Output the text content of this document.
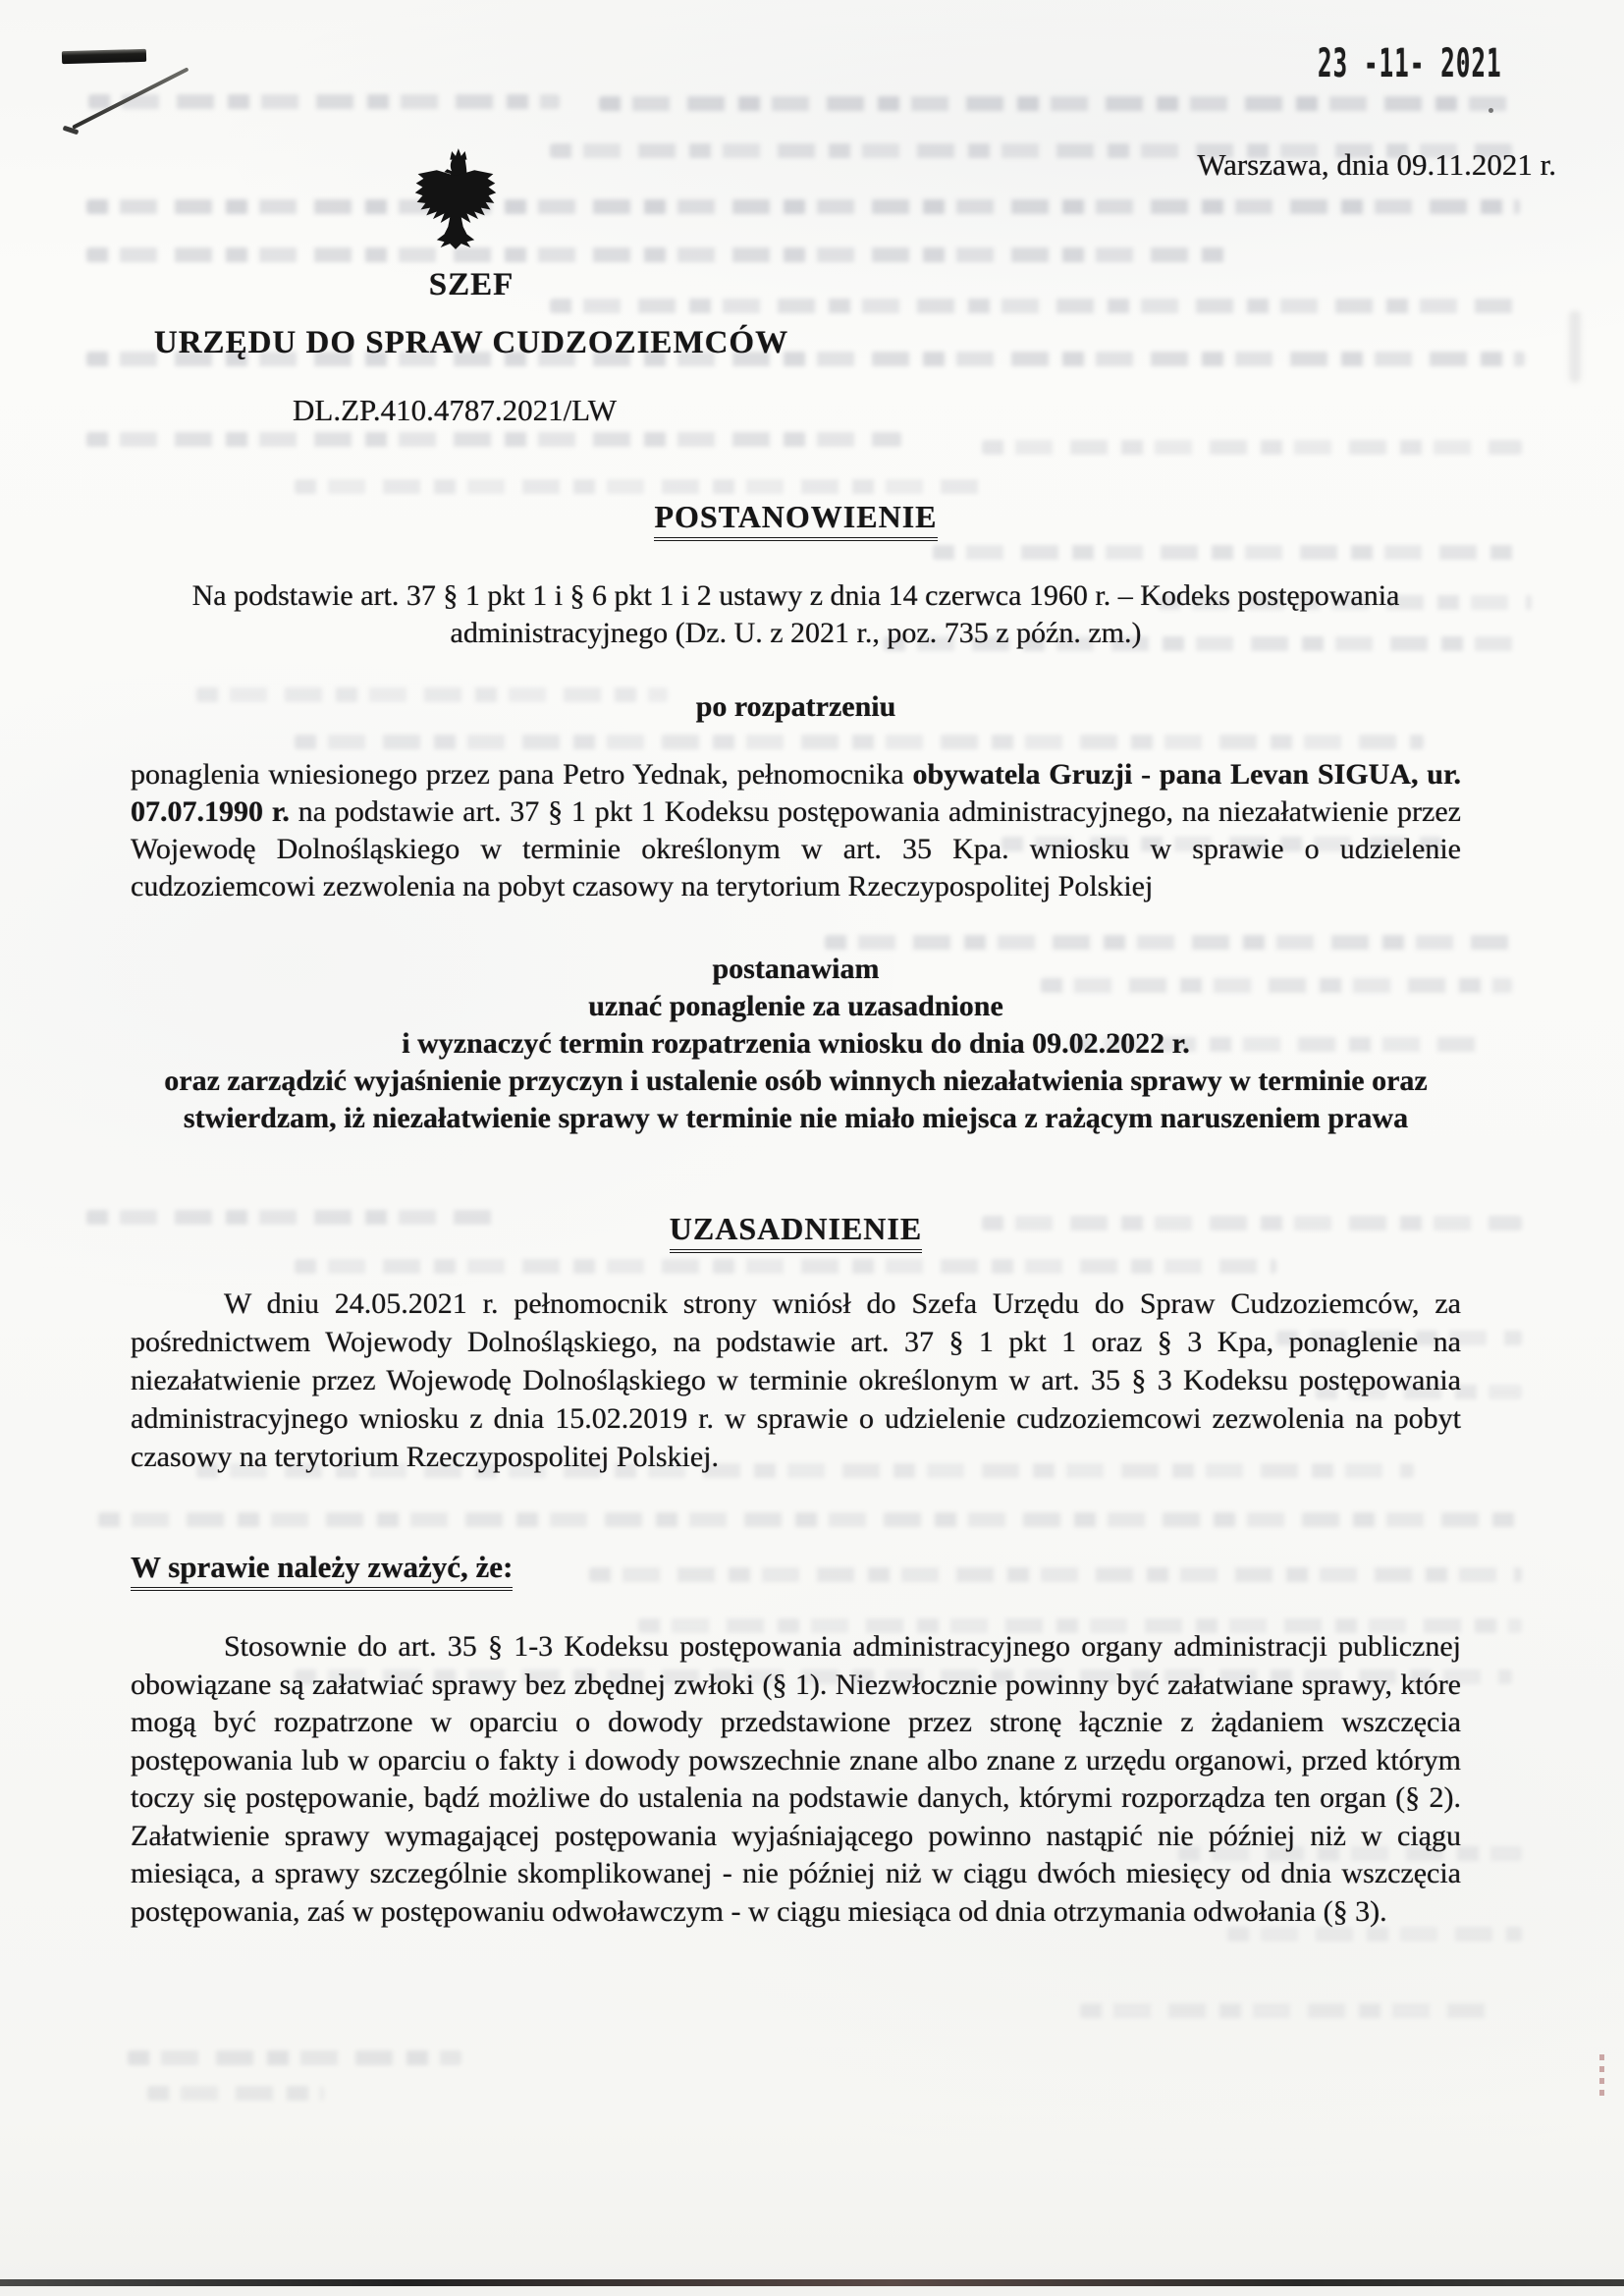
23 -11- 2021
Warszawa, dnia 09.11.2021 r.
SZEF
URZĘDU DO SPRAW CUDZOZIEMCÓW
DL.ZP.410.4787.2021/LW
POSTANOWIENIE

Na podstawie art. 37 § 1 pkt 1 i § 6 pkt 1 i 2 ustawy z dnia 14 czerwca 1960 r. – Kodeks postępowania administracyjnego (Dz. U. z 2021 r., poz. 735 z późn. zm.)

po rozpatrzeniu

ponaglenia wniesionego przez pana Petro Yednak, pełnomocnika obywatela Gruzji - pana Levan SIGUA, ur. 07.07.1990 r. na podstawie art. 37 § 1 pkt 1 Kodeksu postępowania administracyjnego, na niezałatwienie przez Wojewodę Dolnośląskiego w terminie określonym w art. 35 Kpa. wniosku w sprawie o udzielenie cudzoziemcowi zezwolenia na pobyt czasowy na terytorium Rzeczypospolitej Polskiej

postanawiam
uznać ponaglenie za uzasadnione
i wyznaczyć termin rozpatrzenia wniosku do dnia 09.02.2022 r.
oraz zarządzić wyjaśnienie przyczyn i ustalenie osób winnych niezałatwienia sprawy w terminie oraz stwierdzam, iż niezałatwienie sprawy w terminie nie miało miejsca z rażącym naruszeniem prawa
UZASADNIENIE

W dniu 24.05.2021 r. pełnomocnik strony wniósł do Szefa Urzędu do Spraw Cudzoziemców, za pośrednictwem Wojewody Dolnośląskiego, na podstawie art. 37 § 1 pkt 1 oraz § 3 Kpa, ponaglenie na niezałatwienie przez Wojewodę Dolnośląskiego w terminie określonym w art. 35 § 3 Kodeksu postępowania administracyjnego wniosku z dnia 15.02.2019 r. w sprawie o udzielenie cudzoziemcowi zezwolenia na pobyt czasowy na terytorium Rzeczypospolitej Polskiej.

W sprawie należy zważyć, że:

Stosownie do art. 35 § 1-3 Kodeksu postępowania administracyjnego organy administracji publicznej obowiązane są załatwiać sprawy bez zbędnej zwłoki (§ 1). Niezwłocznie powinny być załatwiane sprawy, które mogą być rozpatrzone w oparciu o dowody przedstawione przez stronę łącznie z żądaniem wszczęcia postępowania lub w oparciu o fakty i dowody powszechnie znane albo znane z urzędu organowi, przed którym toczy się postępowanie, bądź możliwe do ustalenia na podstawie danych, którymi rozporządza ten organ (§ 2). Załatwienie sprawy wymagającej postępowania wyjaśniającego powinno nastąpić nie później niż w ciągu miesiąca, a sprawy szczególnie skomplikowanej - nie później niż w ciągu dwóch miesięcy od dnia wszczęcia postępowania, zaś w postępowaniu odwoławczym - w ciągu miesiąca od dnia otrzymania odwołania (§ 3).
